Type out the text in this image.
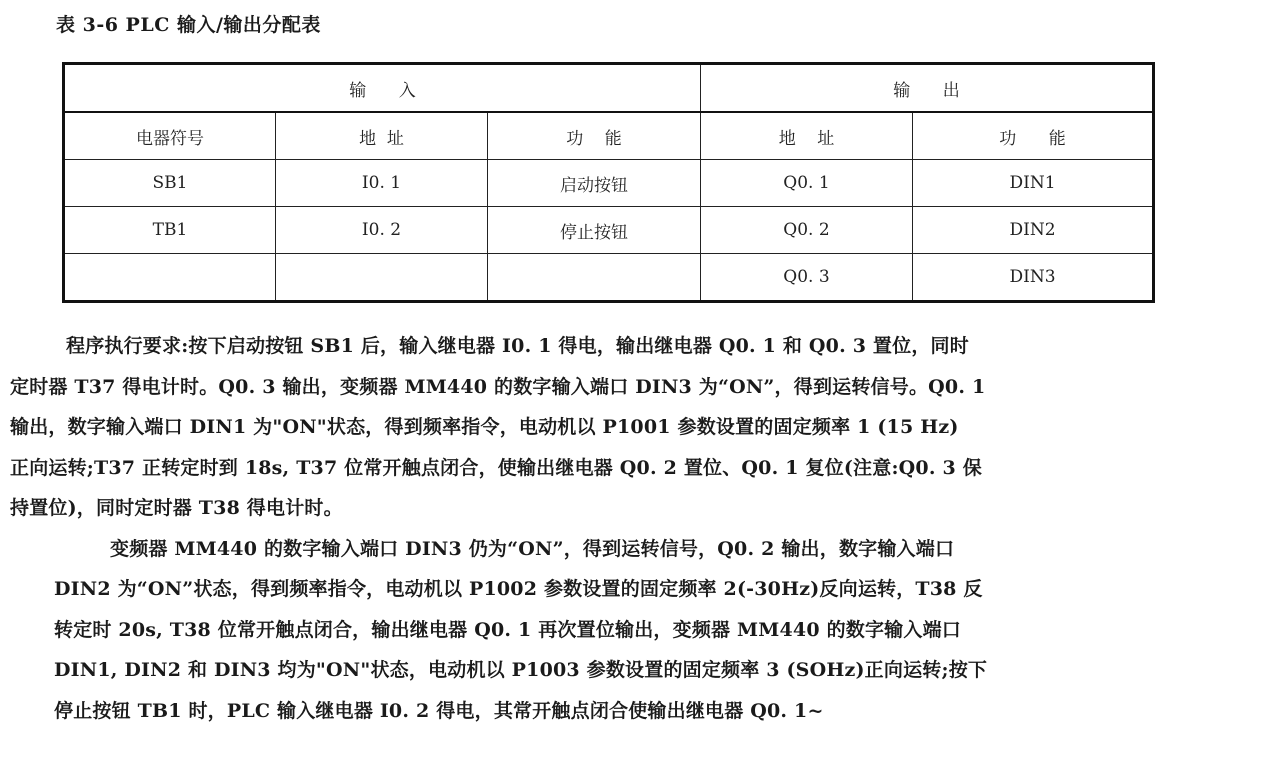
表 3-6 PLC 输入/输出分配表
输      入			输      出	
电器符号	地  址	功    能	地    址	功      能
SB1	I0. 1	启动按钮	Q0. 1	DIN1
TB1	I0. 2	停止按钮	Q0. 2	DIN2
			Q0. 3	DIN3

程序执行要求:按下启动按钮 SB1 后，输入继电器 I0. 1 得电，输出继电器 Q0. 1 和 Q0. 3 置位，同时
定时器 T37 得电计时。Q0. 3 输出，变频器 MM440 的数字输入端口 DIN3 为“ON”，得到运转信号。Q0. 1
输出，数字输入端口 DIN1 为"ON"状态，得到频率指令，电动机以 P1001 参数设置的固定频率 1 (15 Hz)
正向运转;T37 正转定时到 18s, T37 位常开触点闭合，使输出继电器 Q0. 2 置位、Q0. 1 复位(注意:Q0. 3 保
持置位)，同时定时器 T38 得电计时。

变频器 MM440 的数字输入端口 DIN3 仍为“ON”，得到运转信号，Q0. 2 输出，数字输入端口
DIN2 为“ON”状态，得到频率指令，电动机以 P1002 参数设置的固定频率 2(-30Hz)反向运转，T38 反
转定时 20s, T38 位常开触点闭合，输出继电器 Q0. 1 再次置位输出，变频器 MM440 的数字输入端口
DIN1, DIN2 和 DIN3 均为"ON"状态，电动机以 P1003 参数设置的固定频率 3 (SOHz)正向运转;按下
停止按钮 TB1 时，PLC 输入继电器 I0. 2 得电，其常开触点闭合使输出继电器 Q0. 1~
